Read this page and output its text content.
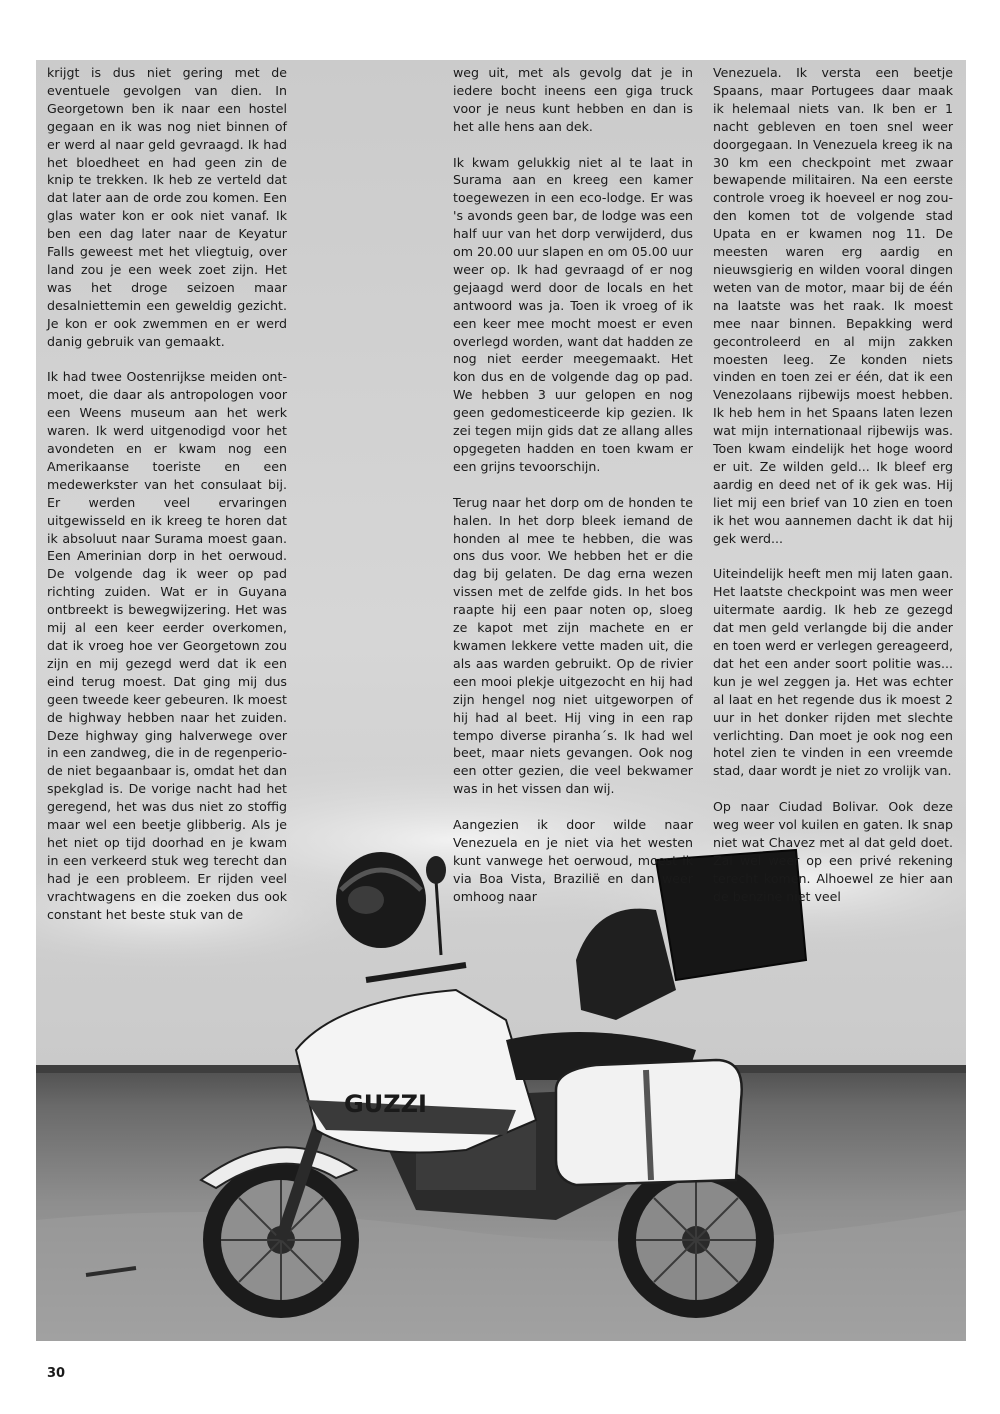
GUZZI

krijgt is dus niet gering met de eventuele gevolgen van dien. In Georgetown ben ik naar een hostel gegaan en ik was nog niet binnen of er werd al naar geld gevraagd. Ik had het bloedheet en had geen zin de knip te trekken. Ik heb ze verteld dat dat later aan de orde zou komen. Een glas water kon er ook niet vanaf. Ik ben een dag later naar de Keyatur Falls geweest met het vliegtuig, over land zou je een week zoet zijn. Het was het droge seizoen maar desalniettemin een geweldig gezicht. Je kon er ook zwemmen en er werd danig gebruik van gemaakt.

Ik had twee Oostenrijkse meiden ontmoet, die daar als antropologen voor een Weens museum aan het werk waren. Ik werd uitgenodigd voor het avondeten en er kwam nog een Amerikaanse toeriste en een medewerkster van het consulaat bij. Er werden veel ervaringen uitgewisseld en ik kreeg te horen dat ik absoluut naar Surama moest gaan. Een Amerinian dorp in het oerwoud. De volgende dag ik weer op pad richting zuiden. Wat er in Guyana ontbreekt is bewegwijzering. Het was mij al een keer eerder overkomen, dat ik vroeg hoe ver Georgetown zou zijn en mij gezegd werd dat ik een eind terug moest. Dat ging mij dus geen tweede keer gebeuren. Ik moest de highway hebben naar het zuiden. Deze highway ging halverwege over in een zandweg, die in de regenperiode niet begaanbaar is, omdat het dan spekglad is. De vorige nacht had het geregend, het was dus niet zo stoffig maar wel een beetje glibberig. Als je het niet op tijd doorhad en je kwam in een verkeerd stuk weg terecht dan had je een probleem. Er rijden veel vrachtwagens en die zoeken dus ook constant het beste stuk van de

weg uit, met als gevolg dat je in iedere bocht ineens een giga truck voor je neus kunt hebben en dan is het alle hens aan dek.

Ik kwam gelukkig niet al te laat in Surama aan en kreeg een kamer toegewezen in een eco-lodge. Er was 's avonds geen bar, de lodge was een half uur van het dorp verwijderd, dus om 20.00 uur slapen en om 05.00 uur weer op. Ik had gevraagd of er nog gejaagd werd door de locals en het antwoord was ja. Toen ik vroeg of ik een keer mee mocht moest er even overlegd worden, want dat hadden ze nog niet eerder meegemaakt. Het kon dus en de volgende dag op pad. We hebben 3 uur gelopen en nog geen gedomesticeerde kip gezien. Ik zei tegen mijn gids dat ze allang alles opgegeten hadden en toen kwam er een grijns tevoorschijn.

Terug naar het dorp om de honden te halen. In het dorp bleek iemand de honden al mee te hebben, die was ons dus voor. We hebben het er die dag bij gelaten. De dag erna wezen vissen met de zelfde gids. In het bos raapte hij een paar noten op, sloeg ze kapot met zijn machete en er kwamen lekkere vette maden uit, die als aas warden gebruikt. Op de rivier een mooi plekje uitgezocht en hij had zijn hengel nog niet uitgeworpen of hij had al beet. Hij ving in een rap tempo diverse piranha´s. Ik had wel beet, maar niets gevangen. Ook nog een otter gezien, die veel bekwamer was in het vissen dan wij.

Aangezien ik door wilde naar Venezuela en je niet via het westen kunt vanwege het oerwoud, moest ik via Boa Vista, Brazilië en dan weer omhoog naar

Venezuela. Ik versta een beetje Spaans, maar Portugees daar maak ik helemaal niets van. Ik ben er 1 nacht gebleven en toen snel weer doorgegaan. In Venezuela kreeg ik na 30 km een checkpoint met zwaar bewapende militairen. Na een eerste controle vroeg ik hoeveel er nog zouden komen tot de volgende stad Upata en er kwamen nog 11. De meesten waren erg aardig en nieuwsgierig en wilden vooral dingen weten van de motor, maar bij de één na laatste was het raak. Ik moest mee naar binnen. Bepakking werd gecontroleerd en al mijn zakken moesten leeg. Ze konden niets vinden en toen zei er één, dat ik een Venezolaans rijbewijs moest hebben. Ik heb hem in het Spaans laten lezen wat mijn internationaal rijbewijs was. Toen kwam eindelijk het hoge woord er uit. Ze wilden geld... Ik bleef erg aardig en deed net of ik gek was. Hij liet mij een brief van 10 zien en toen ik het wou aannemen dacht ik dat hij gek werd...

Uiteindelijk heeft men mij laten gaan. Het laatste checkpoint was men weer uitermate aardig. Ik heb ze gezegd dat men geld verlangde bij die ander en toen werd er verlegen gereageerd, dat het een ander soort politie was... kun je wel zeggen ja. Het was echter al laat en het regende dus ik moest 2 uur in het donker rijden met slechte verlichting. Dan moet je ook nog een hotel zien te vinden in een vreemde stad, daar wordt je niet zo vrolijk van.

Op naar Ciudad Bolivar. Ook deze weg weer vol kuilen en gaten. Ik snap niet wat Chavez met al dat geld doet. Zal wel weer op een privé rekening terecht komen. Alhoewel ze hier aan de benzine niet veel

30
